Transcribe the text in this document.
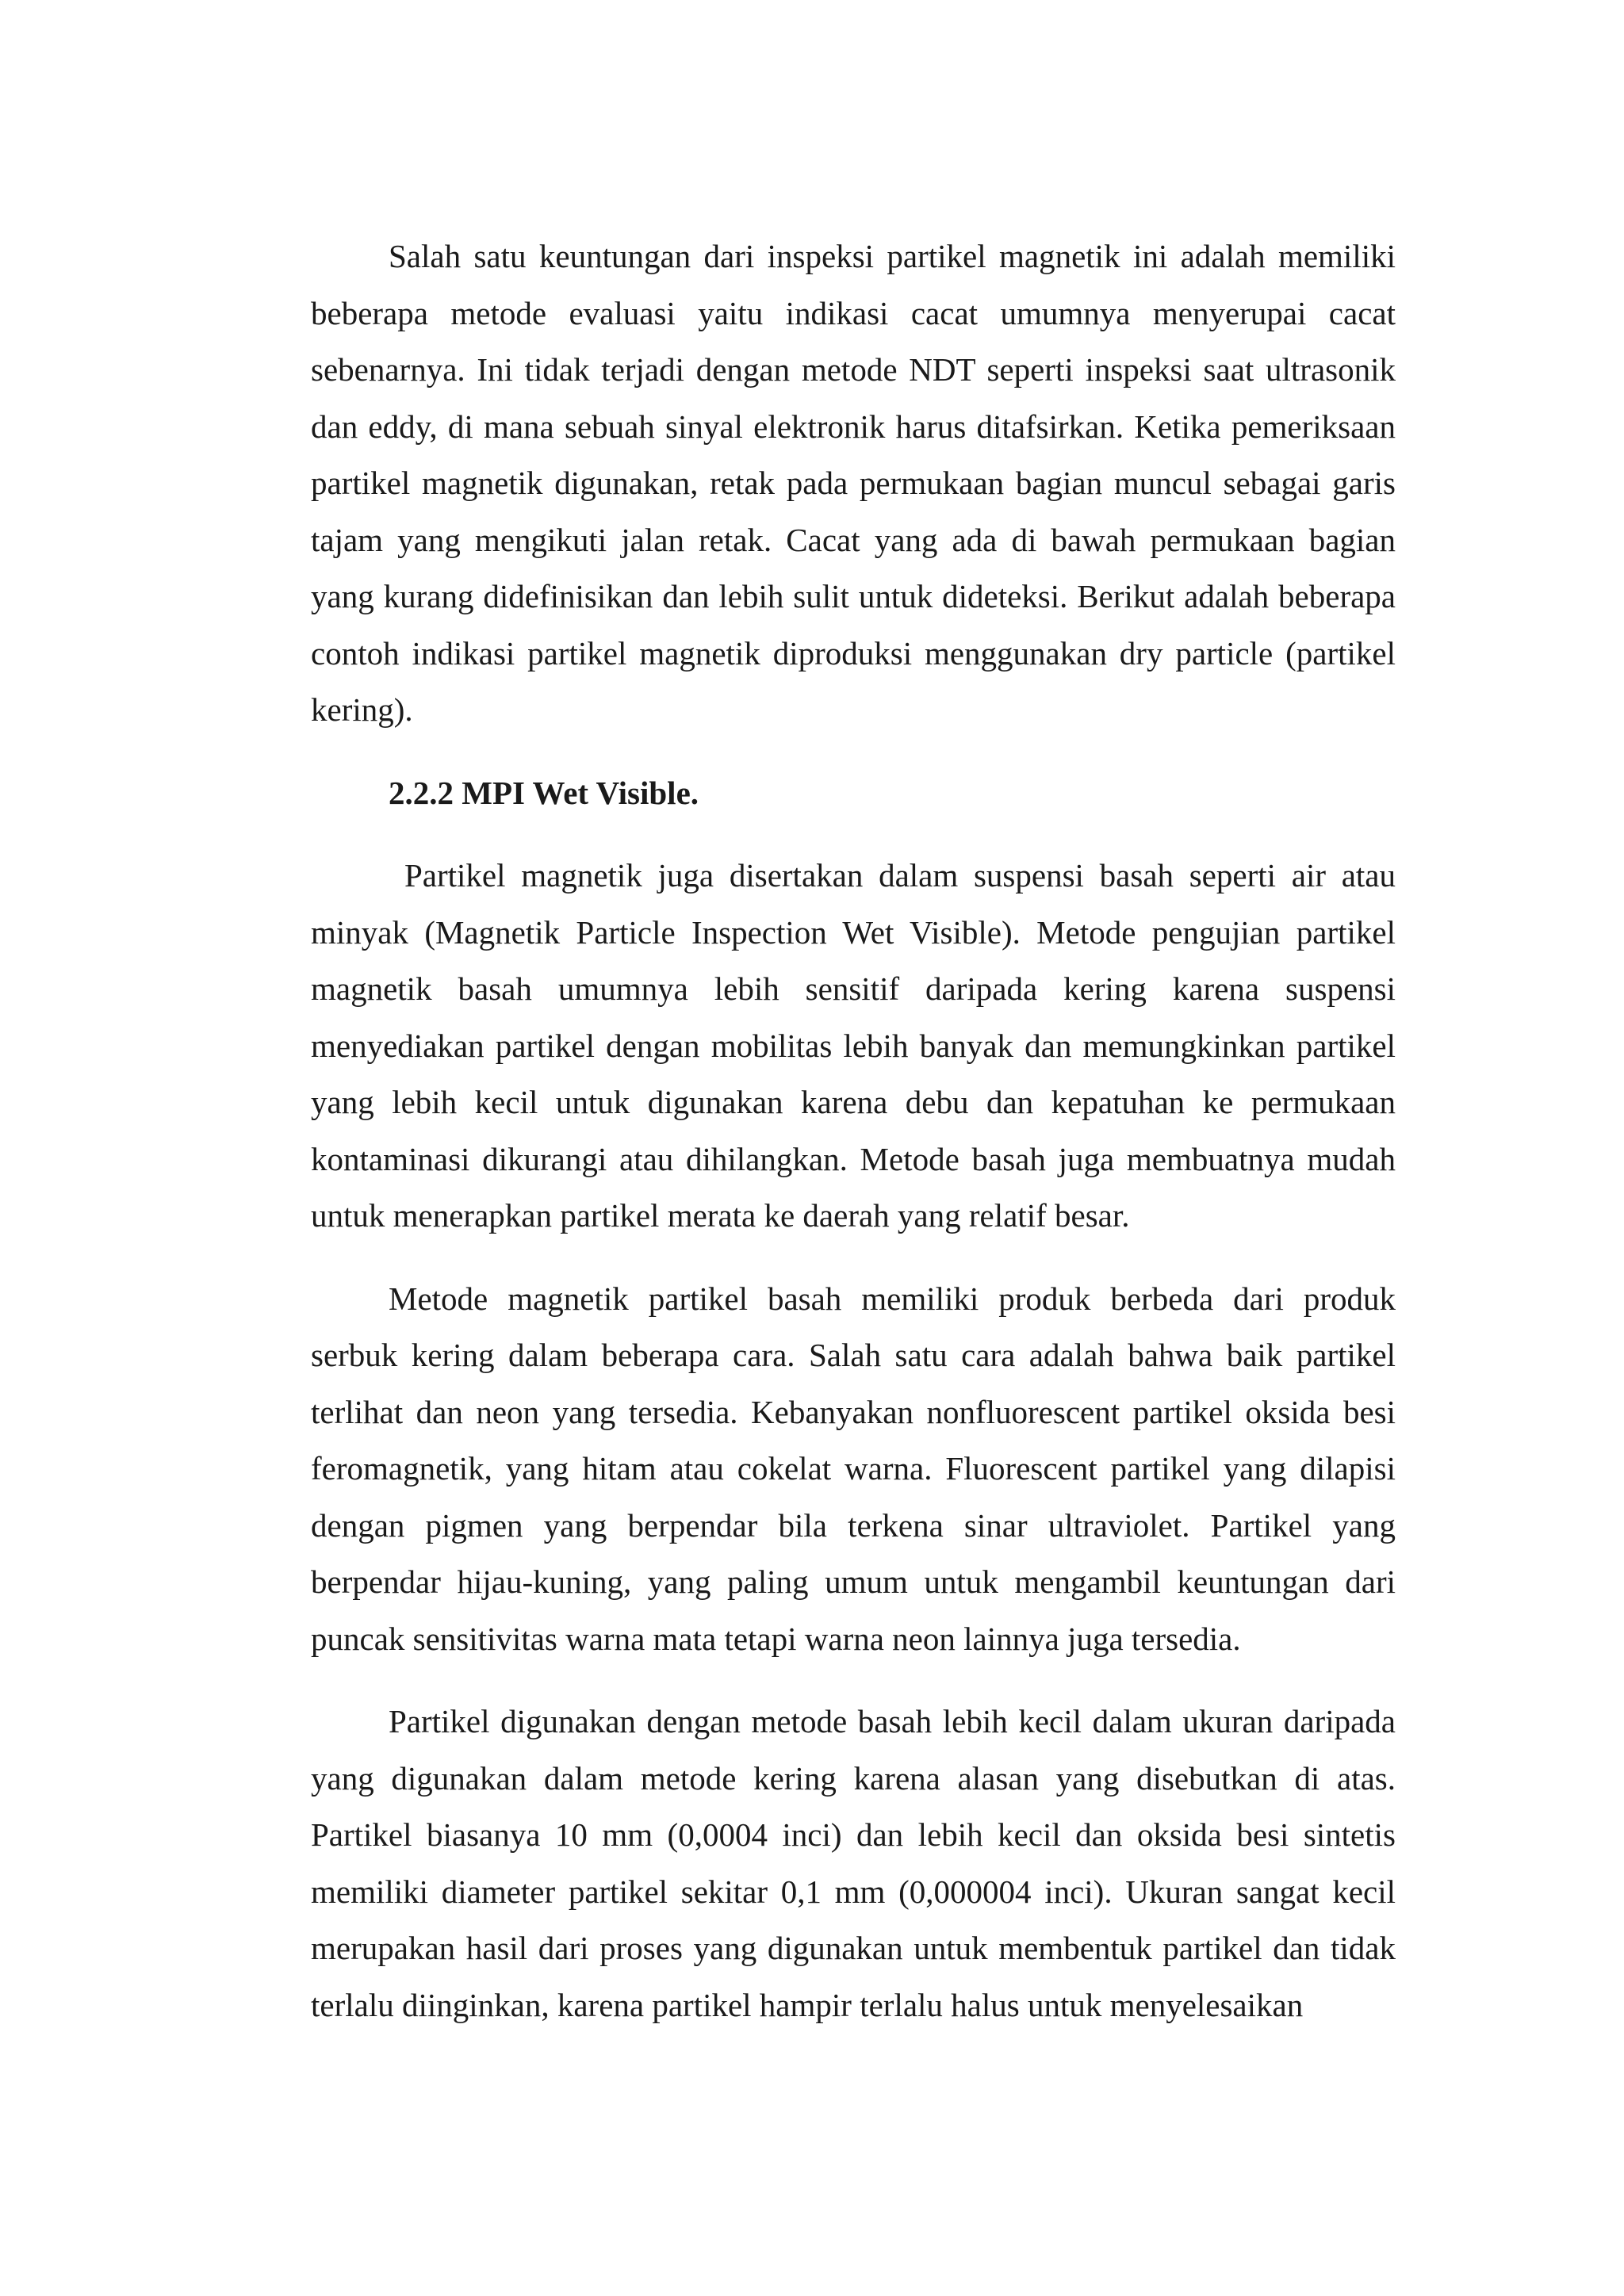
Salah satu keuntungan dari inspeksi partikel magnetik ini adalah memiliki beberapa metode evaluasi yaitu indikasi cacat umumnya menyerupai cacat sebenarnya. Ini tidak terjadi dengan metode NDT seperti inspeksi saat ultrasonik dan eddy, di mana sebuah sinyal elektronik harus ditafsirkan. Ketika pemeriksaan partikel magnetik digunakan, retak pada permukaan bagian muncul sebagai garis tajam yang mengikuti jalan retak. Cacat yang ada di bawah permukaan bagian yang kurang didefinisikan dan lebih sulit untuk dideteksi. Berikut adalah beberapa contoh indikasi partikel magnetik diproduksi menggunakan dry particle (partikel kering).

2.2.2 MPI Wet Visible.

Partikel magnetik juga disertakan dalam suspensi basah seperti air atau minyak (Magnetik Particle Inspection Wet Visible). Metode pengujian partikel magnetik basah umumnya lebih sensitif daripada kering karena suspensi menyediakan partikel dengan mobilitas lebih banyak dan memungkinkan partikel yang lebih kecil untuk digunakan karena debu dan kepatuhan ke permukaan kontaminasi dikurangi atau dihilangkan. Metode basah juga membuatnya mudah untuk menerapkan partikel merata ke daerah yang relatif besar.

Metode magnetik partikel basah memiliki produk berbeda dari produk serbuk kering dalam beberapa cara. Salah satu cara adalah bahwa baik partikel terlihat dan neon yang tersedia. Kebanyakan nonfluorescent partikel oksida besi feromagnetik, yang hitam atau cokelat warna. Fluorescent partikel yang dilapisi dengan pigmen yang berpendar bila terkena sinar ultraviolet. Partikel yang berpendar hijau-kuning, yang paling umum untuk mengambil keuntungan dari puncak sensitivitas warna mata tetapi warna neon lainnya juga tersedia.

Partikel digunakan dengan metode basah lebih kecil dalam ukuran daripada yang digunakan dalam metode kering karena alasan yang disebutkan di atas. Partikel biasanya 10 mm (0,0004 inci) dan lebih kecil dan oksida besi sintetis memiliki diameter partikel sekitar 0,1 mm (0,000004 inci). Ukuran sangat kecil merupakan hasil dari proses yang digunakan untuk membentuk partikel dan tidak terlalu diinginkan, karena partikel hampir terlalu halus untuk menyelesaikan
